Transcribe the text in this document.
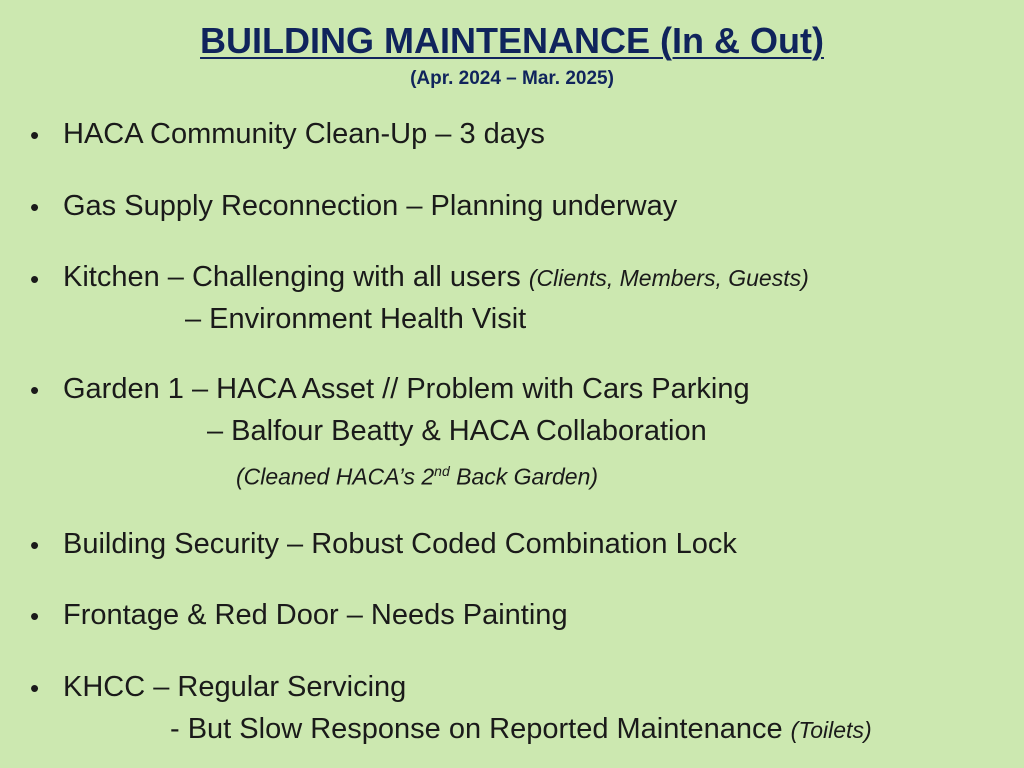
BUILDING MAINTENANCE (In & Out)
(Apr. 2024 – Mar. 2025)
• HACA Community Clean-Up – 3 days
• Gas Supply Reconnection – Planning underway
• Kitchen – Challenging with all users (Clients, Members, Guests)
– Environment Health Visit
• Garden 1 – HACA Asset // Problem with Cars Parking
– Balfour Beatty & HACA Collaboration
(Cleaned HACA’s 2nd Back Garden)
• Building Security – Robust Coded Combination Lock
• Frontage & Red Door – Needs Painting
• KHCC – Regular Servicing
- But Slow Response on Reported Maintenance (Toilets)
